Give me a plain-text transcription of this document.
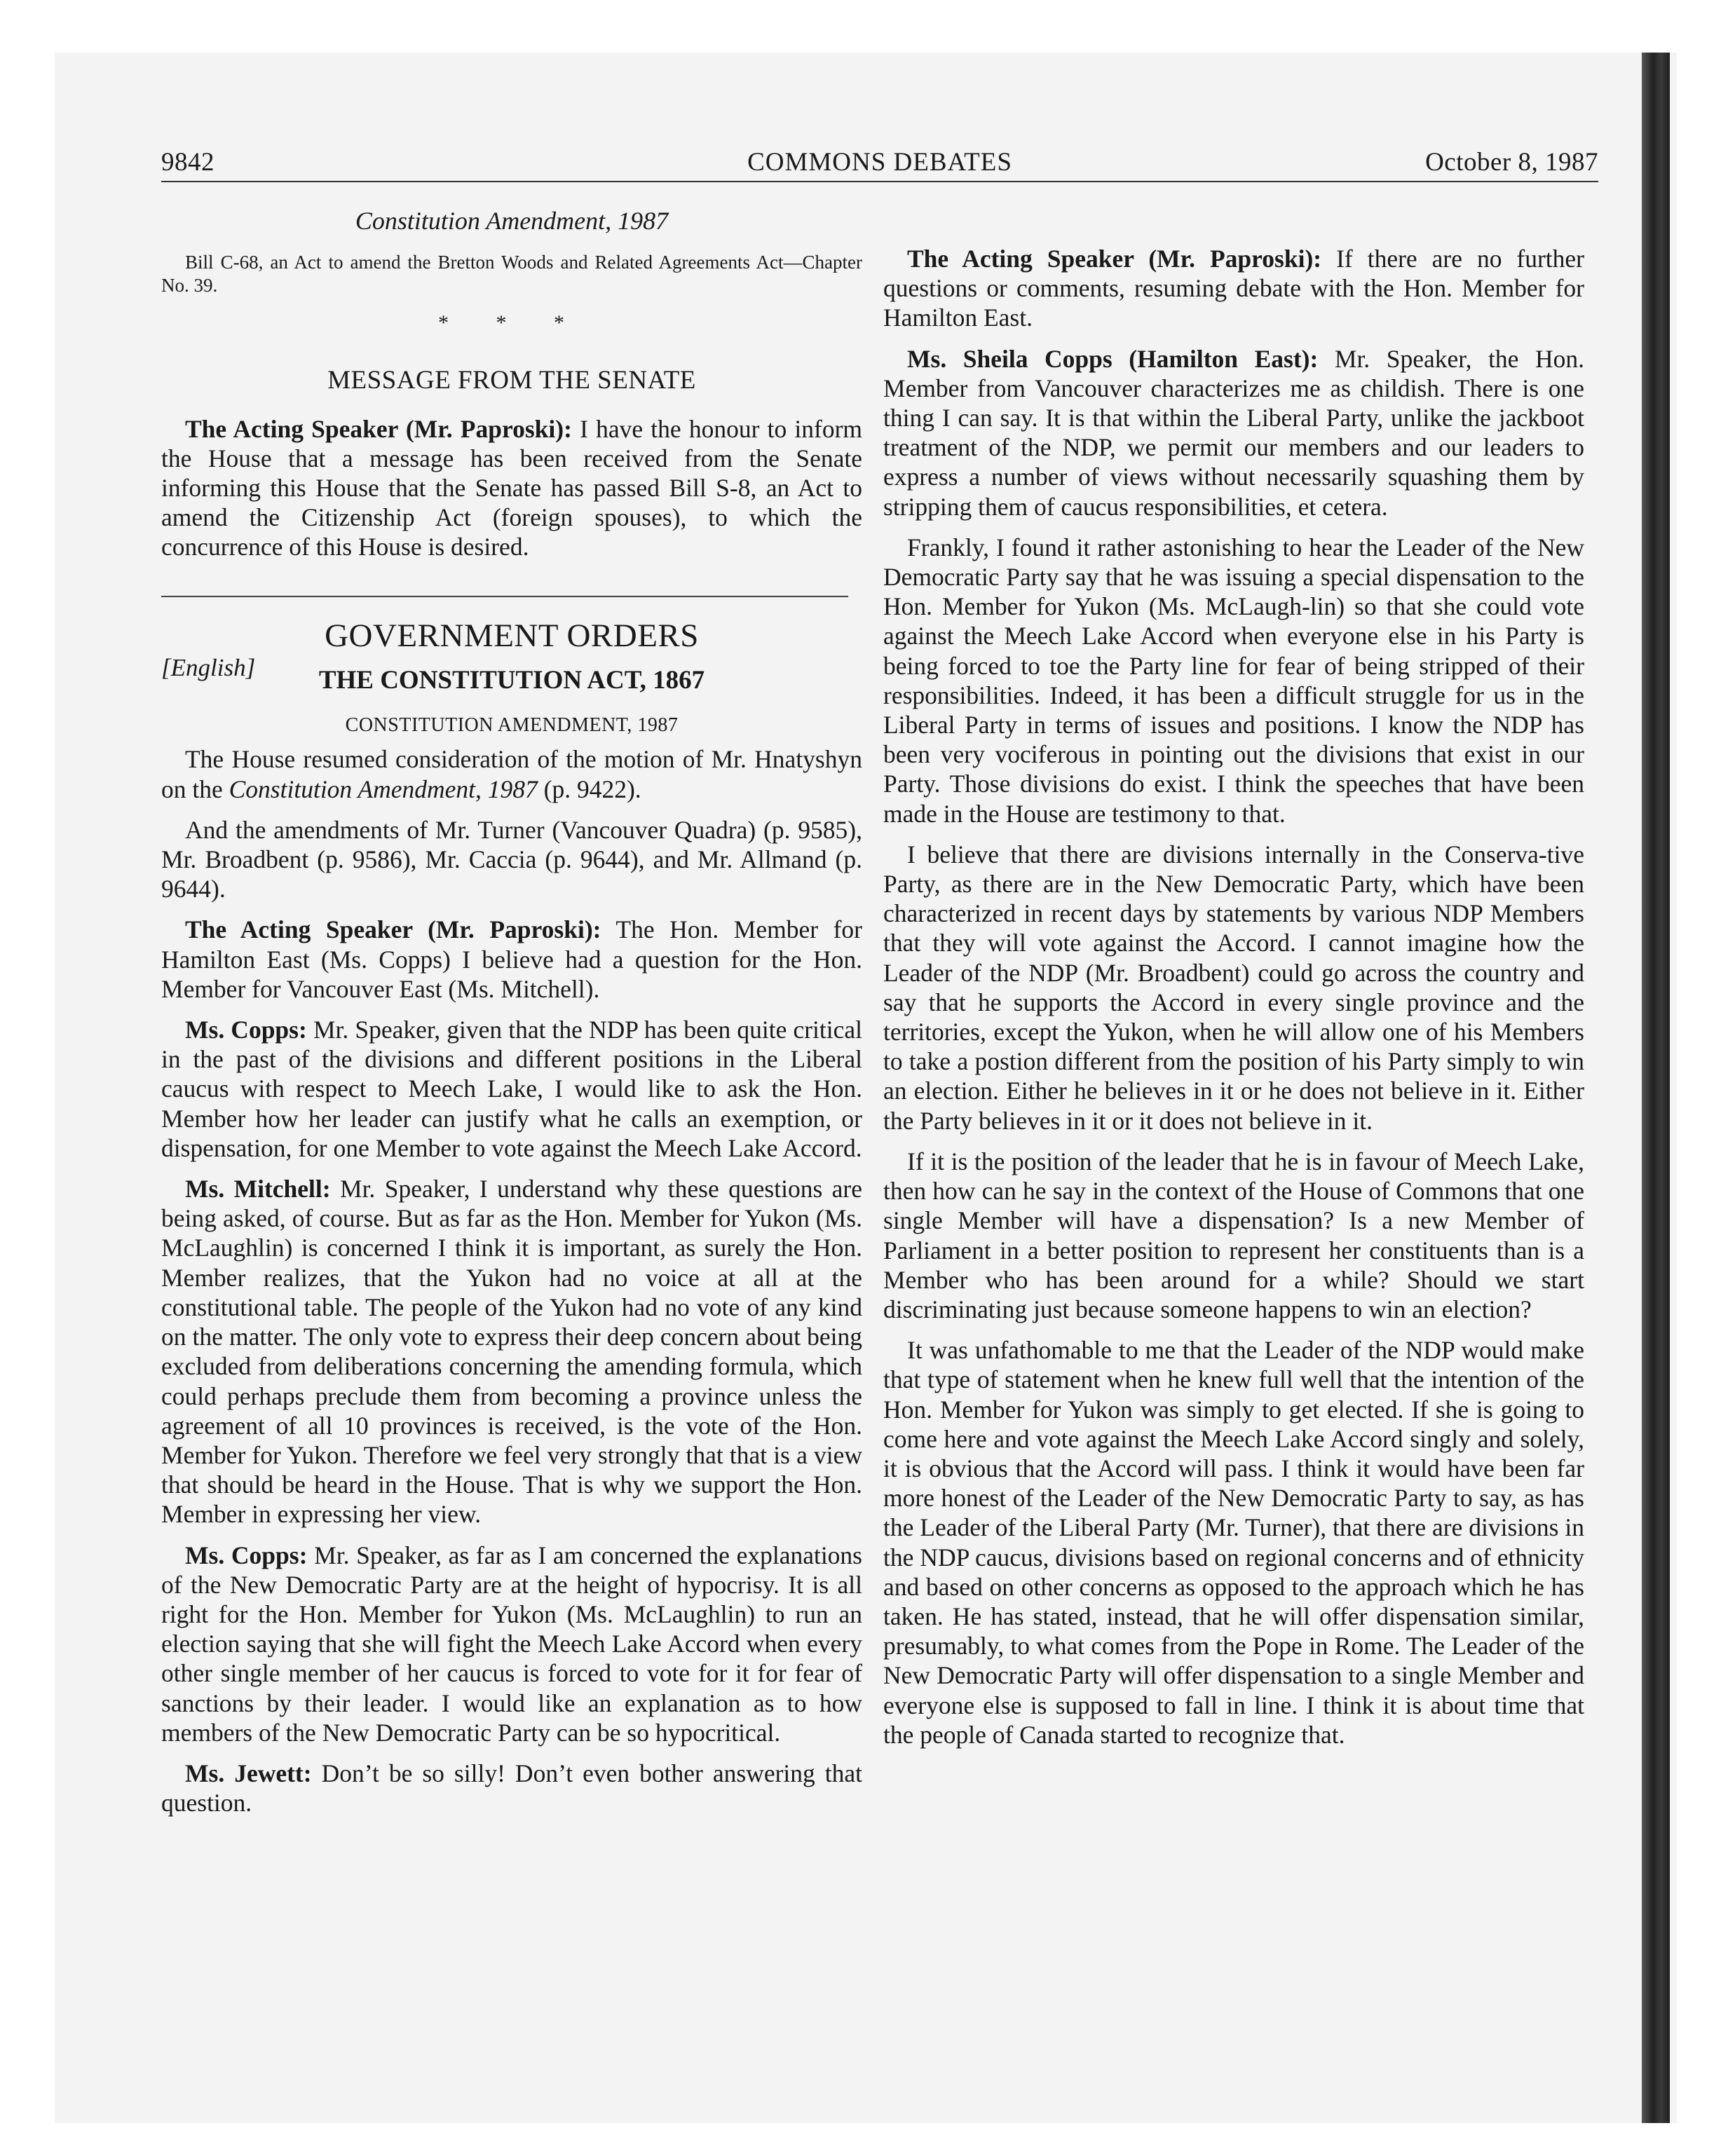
9842	COMMONS DEBATES	October 8, 1987
Constitution Amendment, 1987

Bill C-68, an Act to amend the Bretton Woods and Related Agreements Act—Chapter No. 39.

* * *
MESSAGE FROM THE SENATE

The Acting Speaker (Mr. Paproski): I have the honour to inform the House that a message has been received from the Senate informing this House that the Senate has passed Bill S-8, an Act to amend the Citizenship Act (foreign spouses), to which the concurrence of this House is desired.

GOVERNMENT ORDERS
[English]	THE CONSTITUTION ACT, 1867
CONSTITUTION AMENDMENT, 1987

The House resumed consideration of the motion of Mr. Hnatyshyn on the Constitution Amendment, 1987 (p. 9422).

And the amendments of Mr. Turner (Vancouver Quadra) (p. 9585), Mr. Broadbent (p. 9586), Mr. Caccia (p. 9644), and Mr. Allmand (p. 9644).

The Acting Speaker (Mr. Paproski): The Hon. Member for Hamilton East (Ms. Copps) I believe had a question for the Hon. Member for Vancouver East (Ms. Mitchell).

Ms. Copps: Mr. Speaker, given that the NDP has been quite critical in the past of the divisions and different positions in the Liberal caucus with respect to Meech Lake, I would like to ask the Hon. Member how her leader can justify what he calls an exemption, or dispensation, for one Member to vote against the Meech Lake Accord.

Ms. Mitchell: Mr. Speaker, I understand why these questions are being asked, of course. But as far as the Hon. Member for Yukon (Ms. McLaughlin) is concerned I think it is important, as surely the Hon. Member realizes, that the Yukon had no voice at all at the constitutional table. The people of the Yukon had no vote of any kind on the matter. The only vote to express their deep concern about being excluded from deliberations concerning the amending formula, which could perhaps preclude them from becoming a province unless the agreement of all 10 provinces is received, is the vote of the Hon. Member for Yukon. Therefore we feel very strongly that that is a view that should be heard in the House. That is why we support the Hon. Member in expressing her view.

Ms. Copps: Mr. Speaker, as far as I am concerned the explanations of the New Democratic Party are at the height of hypocrisy. It is all right for the Hon. Member for Yukon (Ms. McLaughlin) to run an election saying that she will fight the Meech Lake Accord when every other single member of her caucus is forced to vote for it for fear of sanctions by their leader. I would like an explanation as to how members of the New Democratic Party can be so hypocritical.

Ms. Jewett: Don’t be so silly! Don’t even bother answering that question.

The Acting Speaker (Mr. Paproski): If there are no further questions or comments, resuming debate with the Hon. Member for Hamilton East.

Ms. Sheila Copps (Hamilton East): Mr. Speaker, the Hon. Member from Vancouver characterizes me as childish. There is one thing I can say. It is that within the Liberal Party, unlike the jackboot treatment of the NDP, we permit our members and our leaders to express a number of views without necessarily squashing them by stripping them of caucus responsibilities, et cetera.

Frankly, I found it rather astonishing to hear the Leader of the New Democratic Party say that he was issuing a special dispensation to the Hon. Member for Yukon (Ms. McLaugh-lin) so that she could vote against the Meech Lake Accord when everyone else in his Party is being forced to toe the Party line for fear of being stripped of their responsibilities. Indeed, it has been a difficult struggle for us in the Liberal Party in terms of issues and positions. I know the NDP has been very vociferous in pointing out the divisions that exist in our Party. Those divisions do exist. I think the speeches that have been made in the House are testimony to that.

I believe that there are divisions internally in the Conserva-tive Party, as there are in the New Democratic Party, which have been characterized in recent days by statements by various NDP Members that they will vote against the Accord. I cannot imagine how the Leader of the NDP (Mr. Broadbent) could go across the country and say that he supports the Accord in every single province and the territories, except the Yukon, when he will allow one of his Members to take a postion different from the position of his Party simply to win an election. Either he believes in it or he does not believe in it. Either the Party believes in it or it does not believe in it.

If it is the position of the leader that he is in favour of Meech Lake, then how can he say in the context of the House of Commons that one single Member will have a dispensation? Is a new Member of Parliament in a better position to represent her constituents than is a Member who has been around for a while? Should we start discriminating just because someone happens to win an election?

It was unfathomable to me that the Leader of the NDP would make that type of statement when he knew full well that the intention of the Hon. Member for Yukon was simply to get elected. If she is going to come here and vote against the Meech Lake Accord singly and solely, it is obvious that the Accord will pass. I think it would have been far more honest of the Leader of the New Democratic Party to say, as has the Leader of the Liberal Party (Mr. Turner), that there are divisions in the NDP caucus, divisions based on regional concerns and of ethnicity and based on other concerns as opposed to the approach which he has taken. He has stated, instead, that he will offer dispensation similar, presumably, to what comes from the Pope in Rome. The Leader of the New Democratic Party will offer dispensation to a single Member and everyone else is supposed to fall in line. I think it is about time that the people of Canada started to recognize that.
